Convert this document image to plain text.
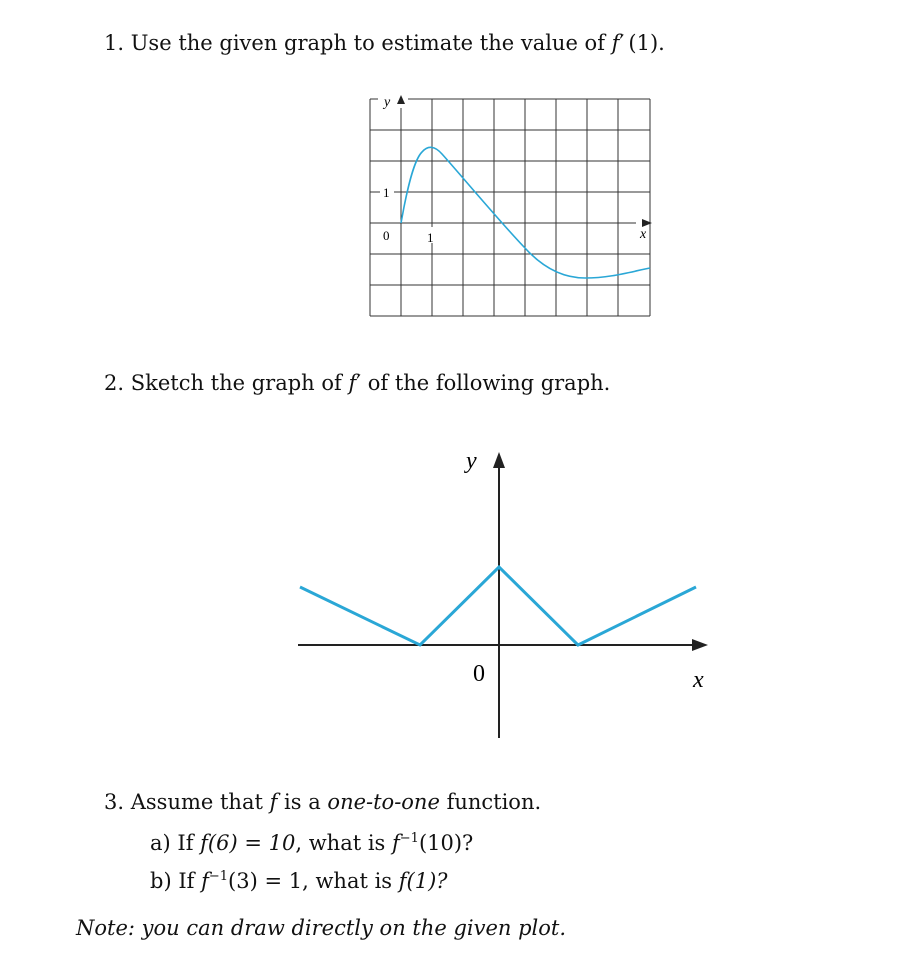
1. Use the given graph to estimate the value of f′  (1).
y
1
0	1	x
2. Sketch the graph of f′ of the following graph.
y
x
0
3. Assume that f is a one-to-one function.
a) If f(6) = 10, what is $f^{-1}(10)$?
b) If $f^{-1}(3) = 1$, what is f(1)?
Note: you can draw directly on the given plot.
